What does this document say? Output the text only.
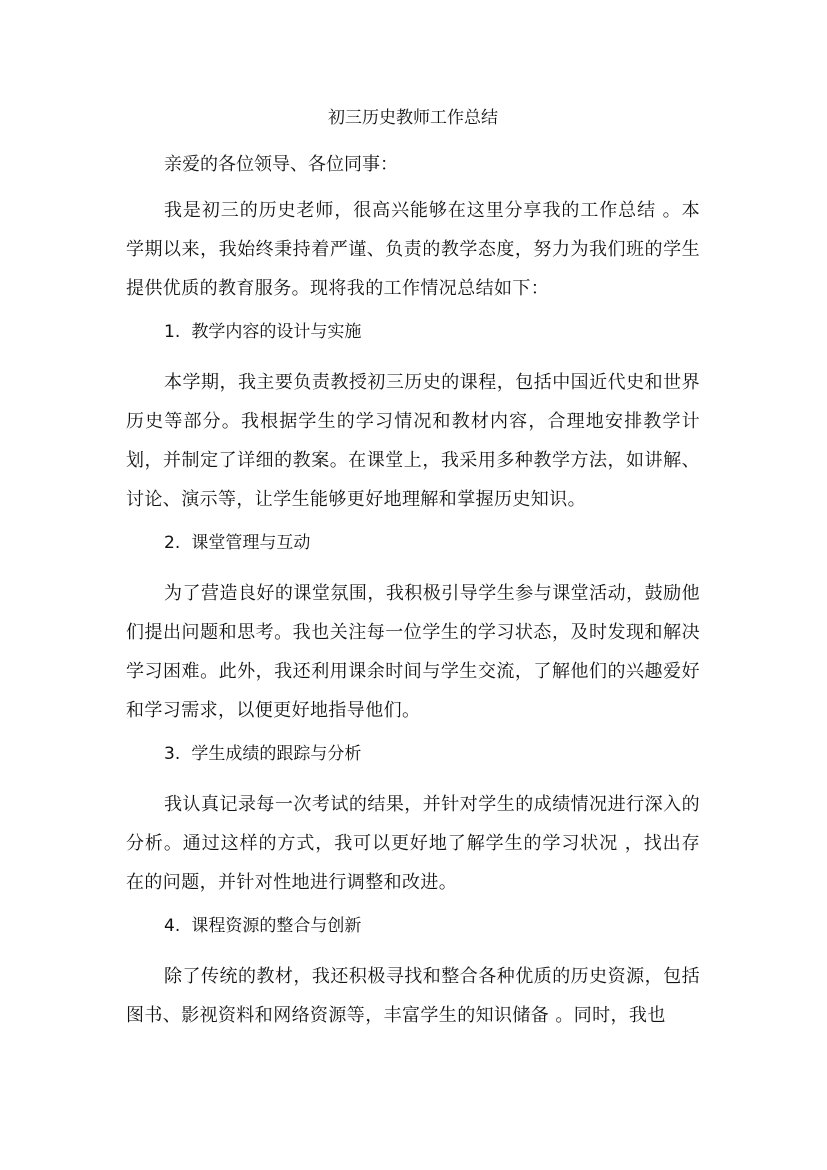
初三历史教师工作总结

亲爱的各位领导、各位同事：

我是初三的历史老师，很高兴能够在这里分享我的工作总结 。本学期以来，我始终秉持着严谨、负责的教学态度，努力为我们班的学生提供优质的教育服务。现将我的工作情况总结如下：

1. 教学内容的设计与实施

本学期，我主要负责教授初三历史的课程，包括中国近代史和世界历史等部分。我根据学生的学习情况和教材内容，合理地安排教学计划，并制定了详细的教案。在课堂上，我采用多种教学方法，如讲解、讨论、演示等，让学生能够更好地理解和掌握历史知识。

2. 课堂管理与互动

为了营造良好的课堂氛围，我积极引导学生参与课堂活动，鼓励他们提出问题和思考。我也关注每一位学生的学习状态，及时发现和解决学习困难。此外，我还利用课余时间与学生交流，了解他们的兴趣爱好和学习需求，以便更好地指导他们。

3. 学生成绩的跟踪与分析

我认真记录每一次考试的结果，并针对学生的成绩情况进行深入的分析。通过这样的方式，我可以更好地了解学生的学习状况 ，找出存在的问题，并针对性地进行调整和改进。

4. 课程资源的整合与创新

除了传统的教材，我还积极寻找和整合各种优质的历史资源，包括图书、影视资料和网络资源等，丰富学生的知识储备 。同时，我也
